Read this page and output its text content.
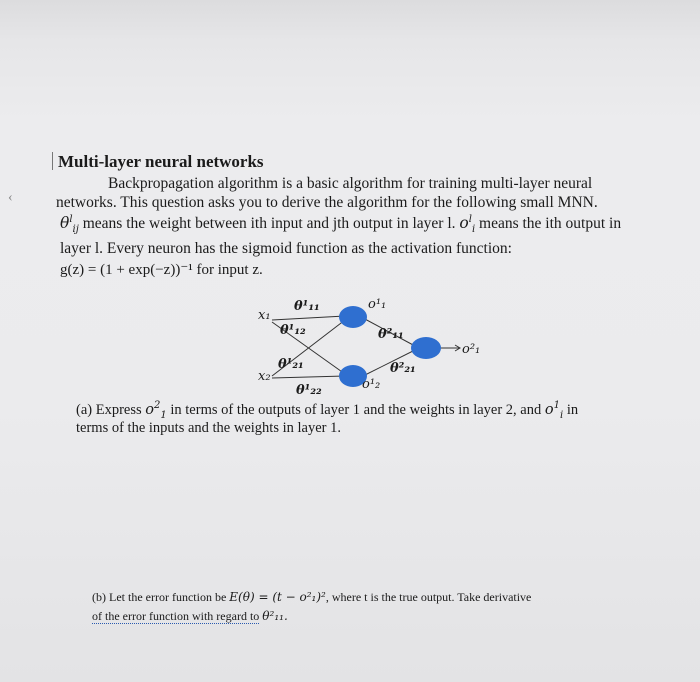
‹
Multi-layer neural networks
Backpropagation algorithm is a basic algorithm for training multi-layer neural
networks. This question asks you to derive the algorithm for the following small MNN.
$\theta^l_{ij}$ means the weight between ith input and jth output in layer l. $o^l_i$ means the ith output in
layer l. Every neuron has the sigmoid function as the activation function:
g(z) = (1 + exp(−z))⁻¹ for input z.
x₁
x₂
θ¹₁₁
θ¹₁₂
θ¹₂₁
θ¹₂₂
θ²₁₁
θ²₂₁
o¹₁
o¹₂
o²₁
(a) Express $o^2_1$ in terms of the outputs of layer 1 and the weights in layer 2, and $o^1_i$ in
terms of the inputs and the weights in layer 1.
(b) Let the error function be E(θ) = (t − o²₁)², where t is the true output. Take derivative
of the error function with regard to θ²₁₁.
